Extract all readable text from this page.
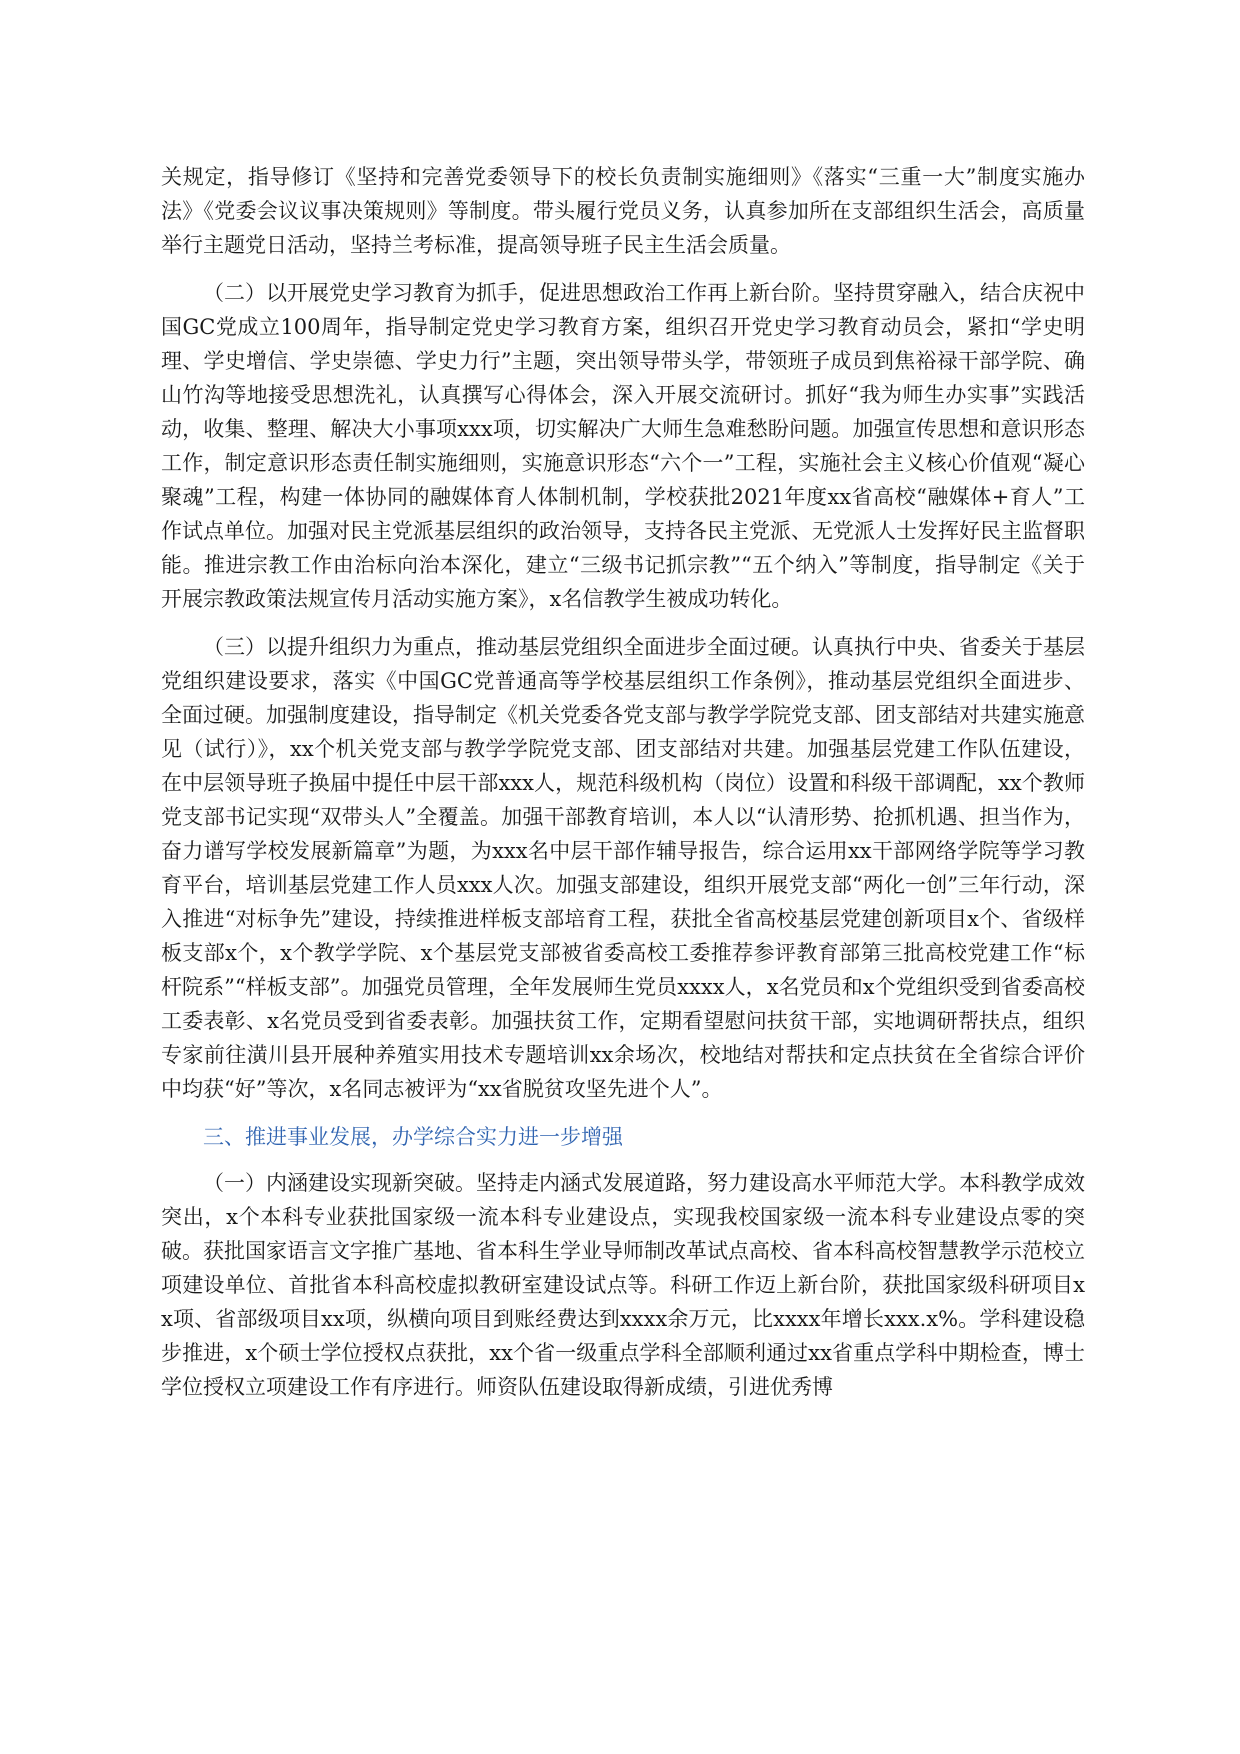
关规定，指导修订《坚持和完善党委领导下的校长负责制实施细则》《落实“三重一大”制度实施办法》《党委会议议事决策规则》等制度。带头履行党员义务，认真参加所在支部组织生活会，高质量举行主题党日活动，坚持兰考标准，提高领导班子民主生活会质量。

（二）以开展党史学习教育为抓手，促进思想政治工作再上新台阶。坚持贯穿融入，结合庆祝中国GC党成立100周年，指导制定党史学习教育方案，组织召开党史学习教育动员会，紧扣“学史明理、学史增信、学史崇德、学史力行”主题，突出领导带头学，带领班子成员到焦裕禄干部学院、确山竹沟等地接受思想洗礼，认真撰写心得体会，深入开展交流研讨。抓好“我为师生办实事”实践活动，收集、整理、解决大小事项xxx项，切实解决广大师生急难愁盼问题。加强宣传思想和意识形态工作，制定意识形态责任制实施细则，实施意识形态“六个一”工程，实施社会主义核心价值观“凝心聚魂”工程，构建一体协同的融媒体育人体制机制，学校获批2021年度xx省高校“融媒体+育人”工作试点单位。加强对民主党派基层组织的政治领导，支持各民主党派、无党派人士发挥好民主监督职能。推进宗教工作由治标向治本深化，建立“三级书记抓宗教”“五个纳入”等制度，指导制定《关于开展宗教政策法规宣传月活动实施方案》，x名信教学生被成功转化。

（三）以提升组织力为重点，推动基层党组织全面进步全面过硬。认真执行中央、省委关于基层党组织建设要求，落实《中国GC党普通高等学校基层组织工作条例》，推动基层党组织全面进步、全面过硬。加强制度建设，指导制定《机关党委各党支部与教学学院党支部、团支部结对共建实施意见（试行）》，xx个机关党支部与教学学院党支部、团支部结对共建。加强基层党建工作队伍建设，在中层领导班子换届中提任中层干部xxx人，规范科级机构（岗位）设置和科级干部调配，xx个教师党支部书记实现“双带头人”全覆盖。加强干部教育培训，本人以“认清形势、抢抓机遇、担当作为，奋力谱写学校发展新篇章”为题，为xxx名中层干部作辅导报告，综合运用xx干部网络学院等学习教育平台，培训基层党建工作人员xxx人次。加强支部建设，组织开展党支部“两化一创”三年行动，深入推进“对标争先”建设，持续推进样板支部培育工程，获批全省高校基层党建创新项目x个、省级样板支部x个，x个教学学院、x个基层党支部被省委高校工委推荐参评教育部第三批高校党建工作“标杆院系”“样板支部”。加强党员管理，全年发展师生党员xxxx人，x名党员和x个党组织受到省委高校工委表彰、x名党员受到省委表彰。加强扶贫工作，定期看望慰问扶贫干部，实地调研帮扶点，组织专家前往潢川县开展种养殖实用技术专题培训xx余场次，校地结对帮扶和定点扶贫在全省综合评价中均获“好”等次，x名同志被评为“xx省脱贫攻坚先进个人”。

三、推进事业发展，办学综合实力进一步增强

（一）内涵建设实现新突破。坚持走内涵式发展道路，努力建设高水平师范大学。本科教学成效突出，x个本科专业获批国家级一流本科专业建设点，实现我校国家级一流本科专业建设点零的突破。获批国家语言文字推广基地、省本科生学业导师制改革试点高校、省本科高校智慧教学示范校立项建设单位、首批省本科高校虚拟教研室建设试点等。科研工作迈上新台阶，获批国家级科研项目xx项、省部级项目xx项，纵横向项目到账经费达到xxxx余万元，比xxxx年增长xxx.x%。学科建设稳步推进，x个硕士学位授权点获批，xx个省一级重点学科全部顺利通过xx省重点学科中期检查，博士学位授权立项建设工作有序进行。师资队伍建设取得新成绩，引进优秀博
